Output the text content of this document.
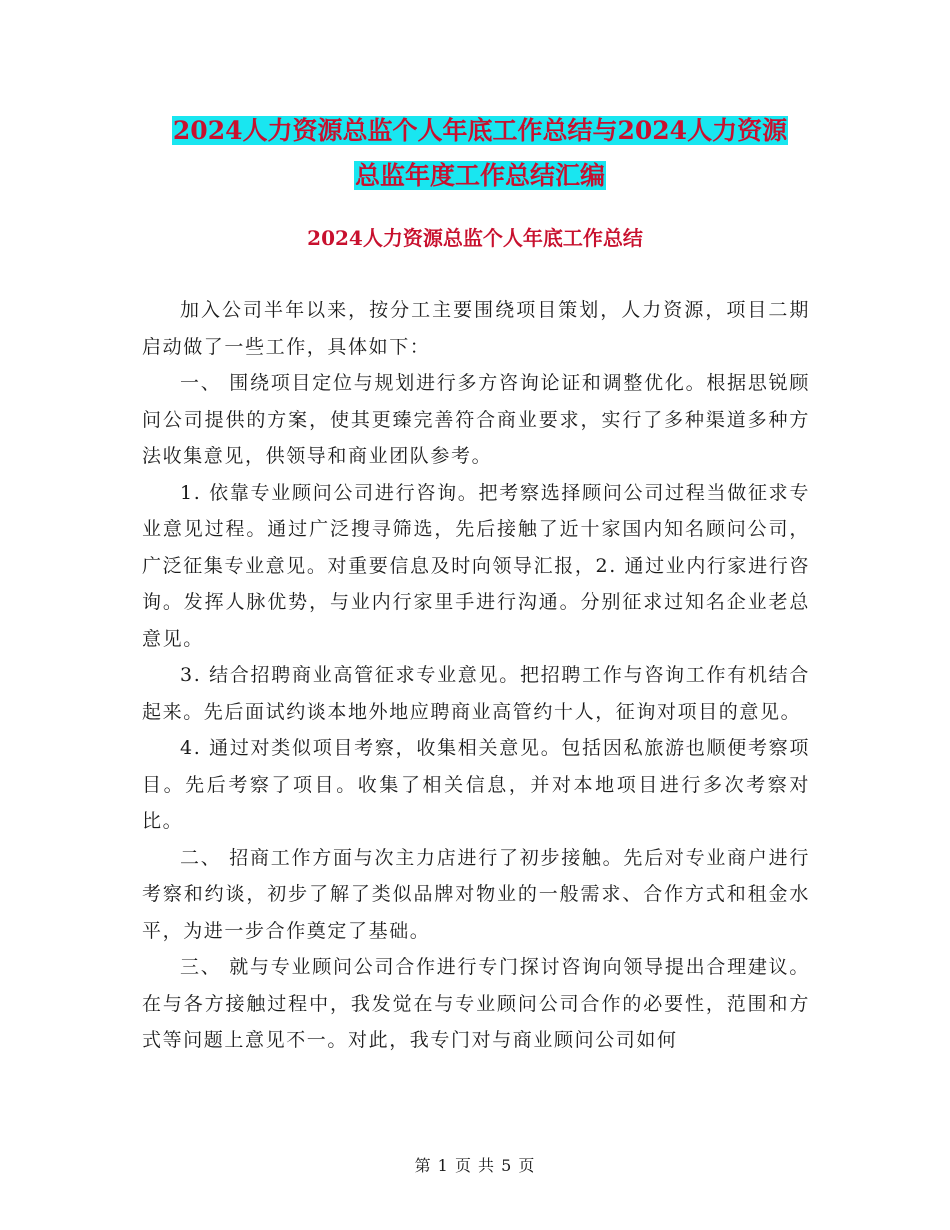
2024人力资源总监个人年底工作总结与2024人力资源
总监年度工作总结汇编
2024人力资源总监个人年底工作总结

加入公司半年以来，按分工主要围绕项目策划，人力资源，项目二期启动做了一些工作，具体如下：

一、 围绕项目定位与规划进行多方咨询论证和调整优化。根据思锐顾问公司提供的方案，使其更臻完善符合商业要求，实行了多种渠道多种方法收集意见，供领导和商业团队参考。

1. 依靠专业顾问公司进行咨询。把考察选择顾问公司过程当做征求专业意见过程。通过广泛搜寻筛选，先后接触了近十家国内知名顾问公司，广泛征集专业意见。对重要信息及时向领导汇报，2. 通过业内行家进行咨询。发挥人脉优势，与业内行家里手进行沟通。分别征求过知名企业老总意见。

3. 结合招聘商业高管征求专业意见。把招聘工作与咨询工作有机结合起来。先后面试约谈本地外地应聘商业高管约十人，征询对项目的意见。

4. 通过对类似项目考察，收集相关意见。包括因私旅游也顺便考察项目。先后考察了项目。收集了相关信息，并对本地项目进行多次考察对比。

二、 招商工作方面与次主力店进行了初步接触。先后对专业商户进行考察和约谈，初步了解了类似品牌对物业的一般需求、合作方式和租金水平，为进一步合作奠定了基础。

三、 就与专业顾问公司合作进行专门探讨咨询向领导提出合理建议。在与各方接触过程中，我发觉在与专业顾问公司合作的必要性，范围和方式等问题上意见不一。对此，我专门对与商业顾问公司如何

第 1 页 共 5 页
